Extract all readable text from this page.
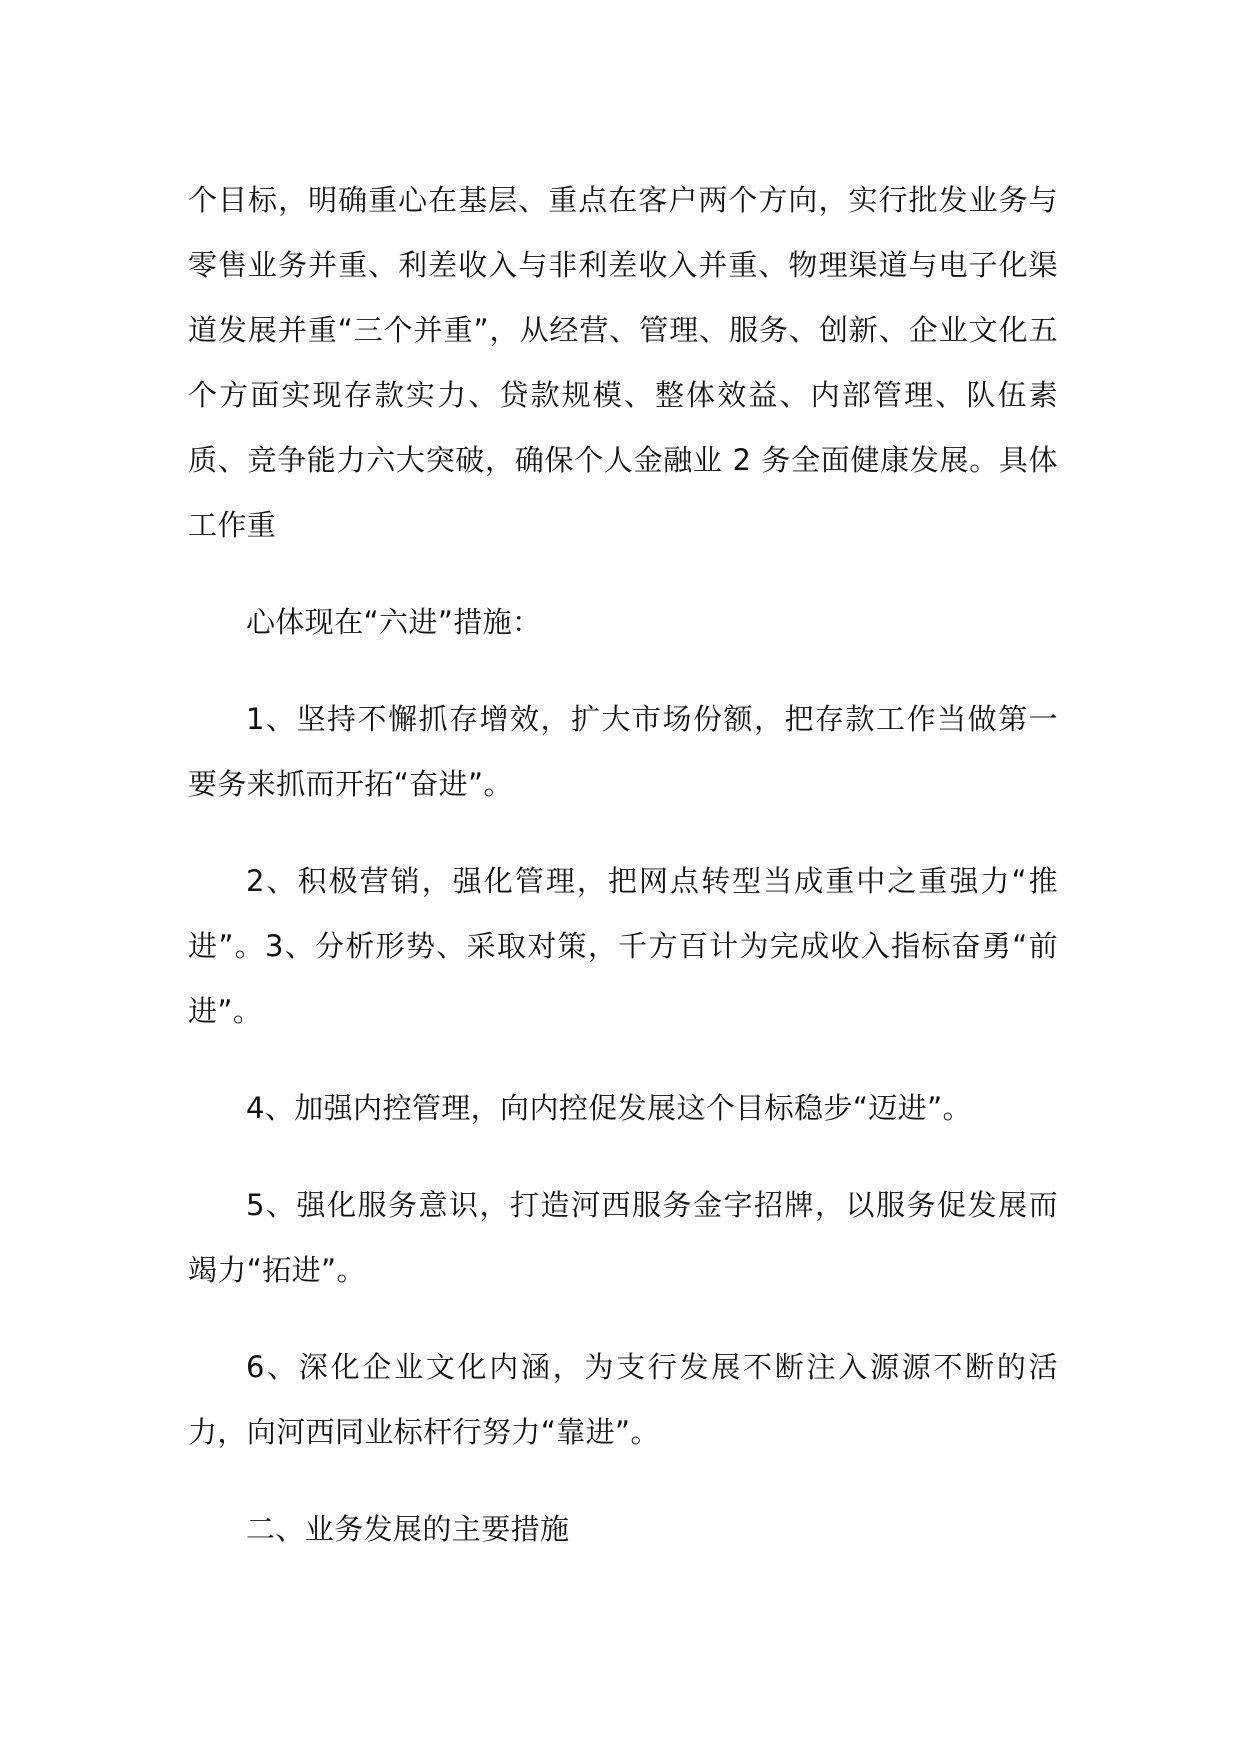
个目标，明确重心在基层、重点在客户两个方向，实行批发业务与零售业务并重、利差收入与非利差收入并重、物理渠道与电子化渠道发展并重“三个并重”，从经营、管理、服务、创新、企业文化五个方面实现存款实力、贷款规模、整体效益、内部管理、队伍素质、竞争能力六大突破，确保个人金融业 2 务全面健康发展。具体工作重

心体现在“六进”措施：

1、坚持不懈抓存增效，扩大市场份额，把存款工作当做第一要务来抓而开拓“奋进”。

2、积极营销，强化管理，把网点转型当成重中之重强力“推进”。3、分析形势、采取对策，千方百计为完成收入指标奋勇“前进”。

4、加强内控管理，向内控促发展这个目标稳步“迈进”。

5、强化服务意识，打造河西服务金字招牌，以服务促发展而竭力“拓进”。

6、深化企业文化内涵，为支行发展不断注入源源不断的活力，向河西同业标杆行努力“靠进”。

二、业务发展的主要措施
